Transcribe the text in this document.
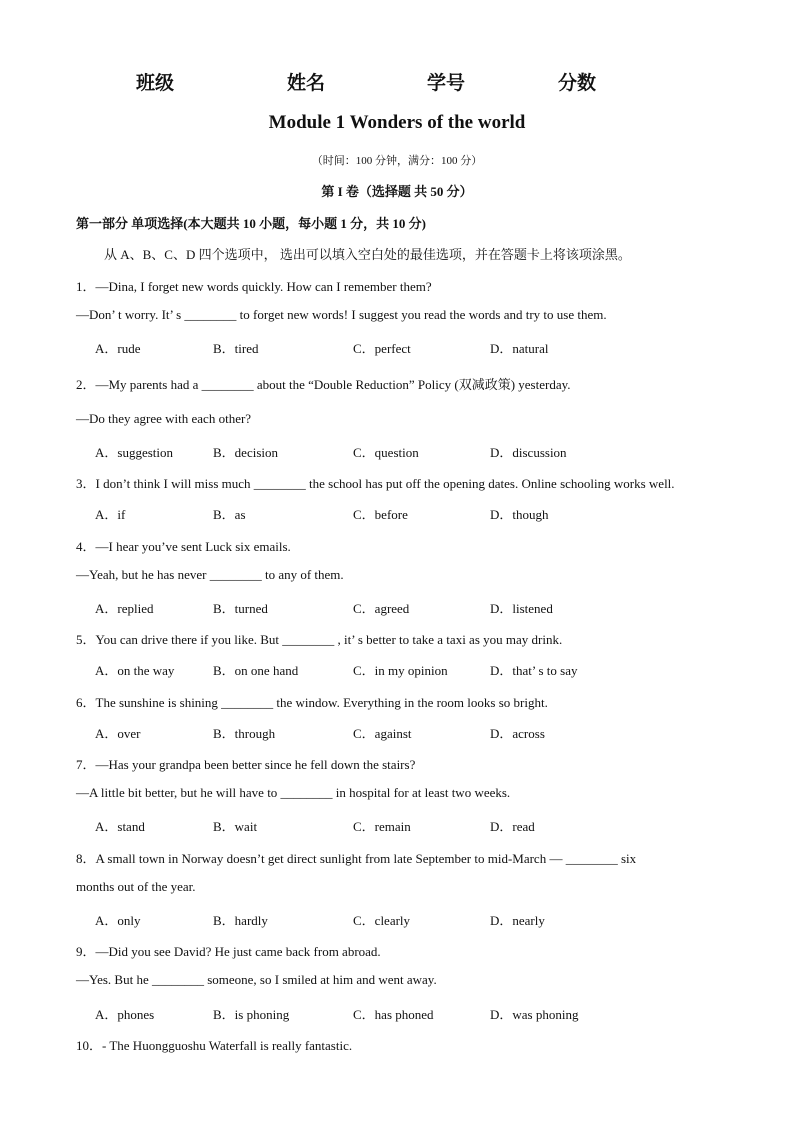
班级	姓名	学号	分数
Module 1 Wonders of the world
（时间：100 分钟，满分：100 分）
第 I 卷（选择题 共 50 分）
第一部分 单项选择(本大题共 10 小题，每小题 1 分，共 10 分)
从 A、B、C、D 四个选项中， 选出可以填入空白处的最佳选项，并在答题卡上将该项涂黑。
1．—Dina, I forget new words quickly. How can I remember them?
—Don’ t worry. It’ s ________ to forget new words! I suggest you read the words and try to use them.
A．rude	B．tired	C．perfect	D．natural
2．—My parents had a ________ about the “Double Reduction” Policy (双减政策) yesterday.
—Do they agree with each other?
A．suggestion	B．decision	C．question	D．discussion
3．I don’t think I will miss much ________ the school has put off the opening dates. Online schooling works well.
A．if	B．as	C．before	D．though
4．—I hear you’ve sent Luck six emails.
—Yeah, but he has never ________ to any of them.
A．replied	B．turned	C．agreed	D．listened
5．You can drive there if you like. But ________ , it’ s better to take a taxi as you may drink.
A．on the way	B．on one hand	C．in my opinion	D．that’ s to say
6．The sunshine is shining ________ the window. Everything in the room looks so bright.
A．over	B．through	C．against	D．across
7．—Has your grandpa been better since he fell down the stairs?
—A little bit better, but he will have to ________ in hospital for at least two weeks.
A．stand	B．wait	C．remain	D．read
8．A small town in Norway doesn’t get direct sunlight from late September to mid-March — ________ six
months out of the year.
A．only	B．hardly	C．clearly	D．nearly
9．—Did you see David? He just came back from abroad.
—Yes. But he ________ someone, so I smiled at him and went away.
A．phones	B．is phoning	C．has phoned	D．was phoning
10．- The Huongguoshu Waterfall is really fantastic.
